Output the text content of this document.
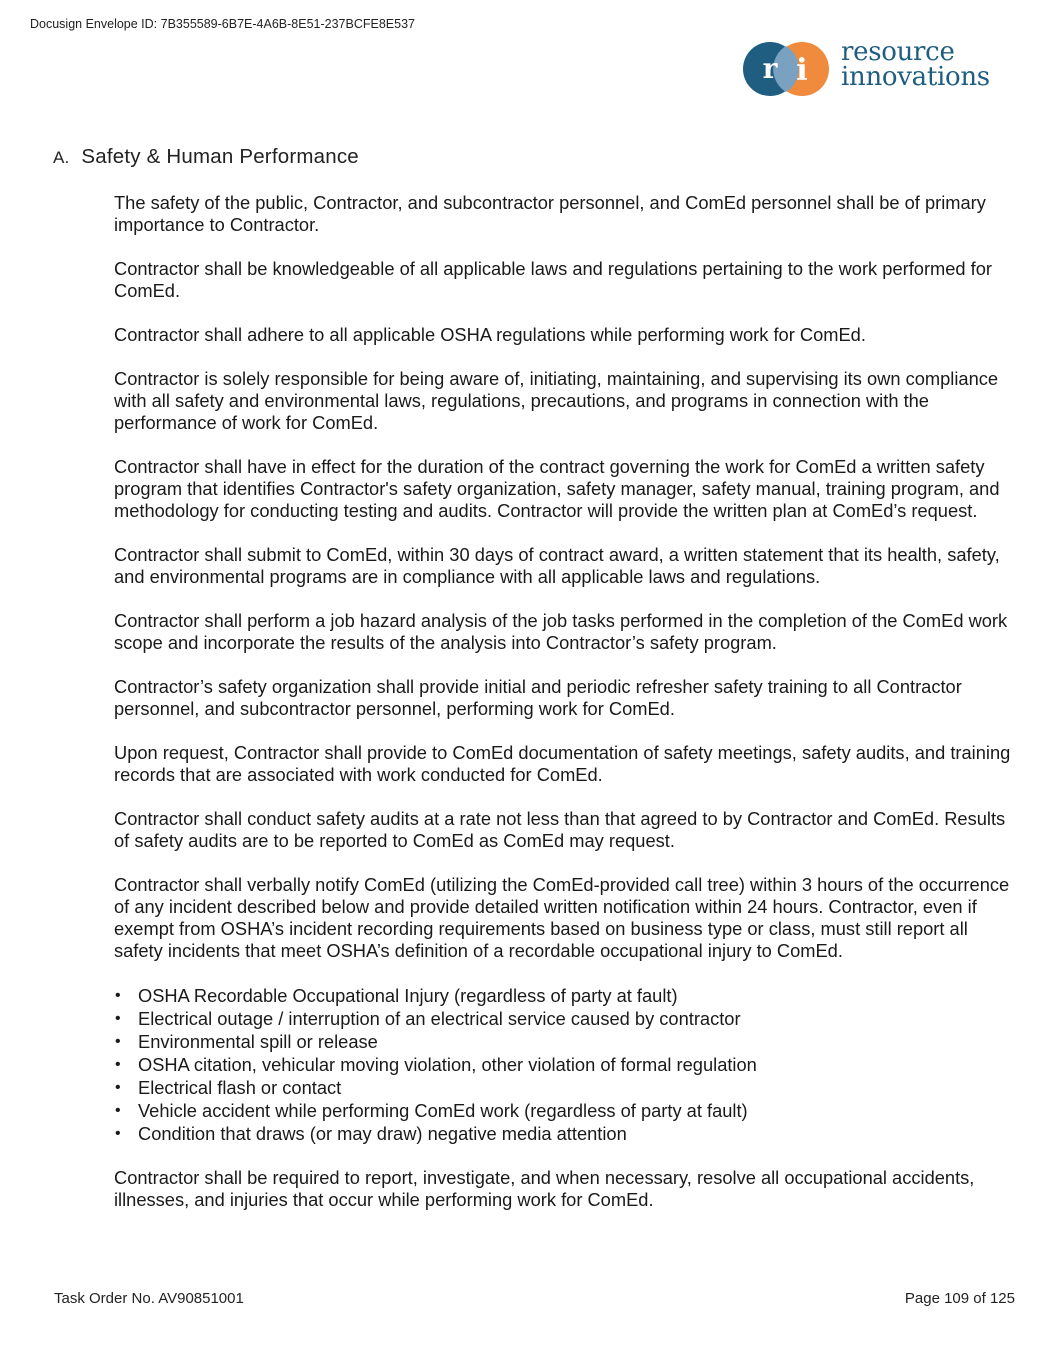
Docusign Envelope ID: 7B355589-6B7E-4A6B-8E51-237BCFE8E537
r i
resource
innovations
A. Safety & Human Performance

The safety of the public, Contractor, and subcontractor personnel, and ComEd personnel shall be of primary importance to Contractor.

Contractor shall be knowledgeable of all applicable laws and regulations pertaining to the work performed for ComEd.

Contractor shall adhere to all applicable OSHA regulations while performing work for ComEd.

Contractor is solely responsible for being aware of, initiating, maintaining, and supervising its own compliance with all safety and environmental laws, regulations, precautions, and programs in connection with the performance of work for ComEd.

Contractor shall have in effect for the duration of the contract governing the work for ComEd a written safety program that identifies Contractor's safety organization, safety manager, safety manual, training program, and methodology for conducting testing and audits. Contractor will provide the written plan at ComEd’s request.

Contractor shall submit to ComEd, within 30 days of contract award, a written statement that its health, safety, and environmental programs are in compliance with all applicable laws and regulations.

Contractor shall perform a job hazard analysis of the job tasks performed in the completion of the ComEd work scope and incorporate the results of the analysis into Contractor’s safety program.

Contractor’s safety organization shall provide initial and periodic refresher safety training to all Contractor personnel, and subcontractor personnel, performing work for ComEd.

Upon request, Contractor shall provide to ComEd documentation of safety meetings, safety audits, and training records that are associated with work conducted for ComEd.

Contractor shall conduct safety audits at a rate not less than that agreed to by Contractor and ComEd. Results of safety audits are to be reported to ComEd as ComEd may request.

Contractor shall verbally notify ComEd (utilizing the ComEd-provided call tree) within 3 hours of the occurrence of any incident described below and provide detailed written notification within 24 hours. Contractor, even if exempt from OSHA’s incident recording requirements based on business type or class, must still report all safety incidents that meet OSHA’s definition of a recordable occupational injury to ComEd.

• OSHA Recordable Occupational Injury (regardless of party at fault)
• Electrical outage / interruption of an electrical service caused by contractor
• Environmental spill or release
• OSHA citation, vehicular moving violation, other violation of formal regulation
• Electrical flash or contact
• Vehicle accident while performing ComEd work (regardless of party at fault)
• Condition that draws (or may draw) negative media attention

Contractor shall be required to report, investigate, and when necessary, resolve all occupational accidents, illnesses, and injuries that occur while performing work for ComEd.

Task Order No. AV90851001	Page 109 of 125
